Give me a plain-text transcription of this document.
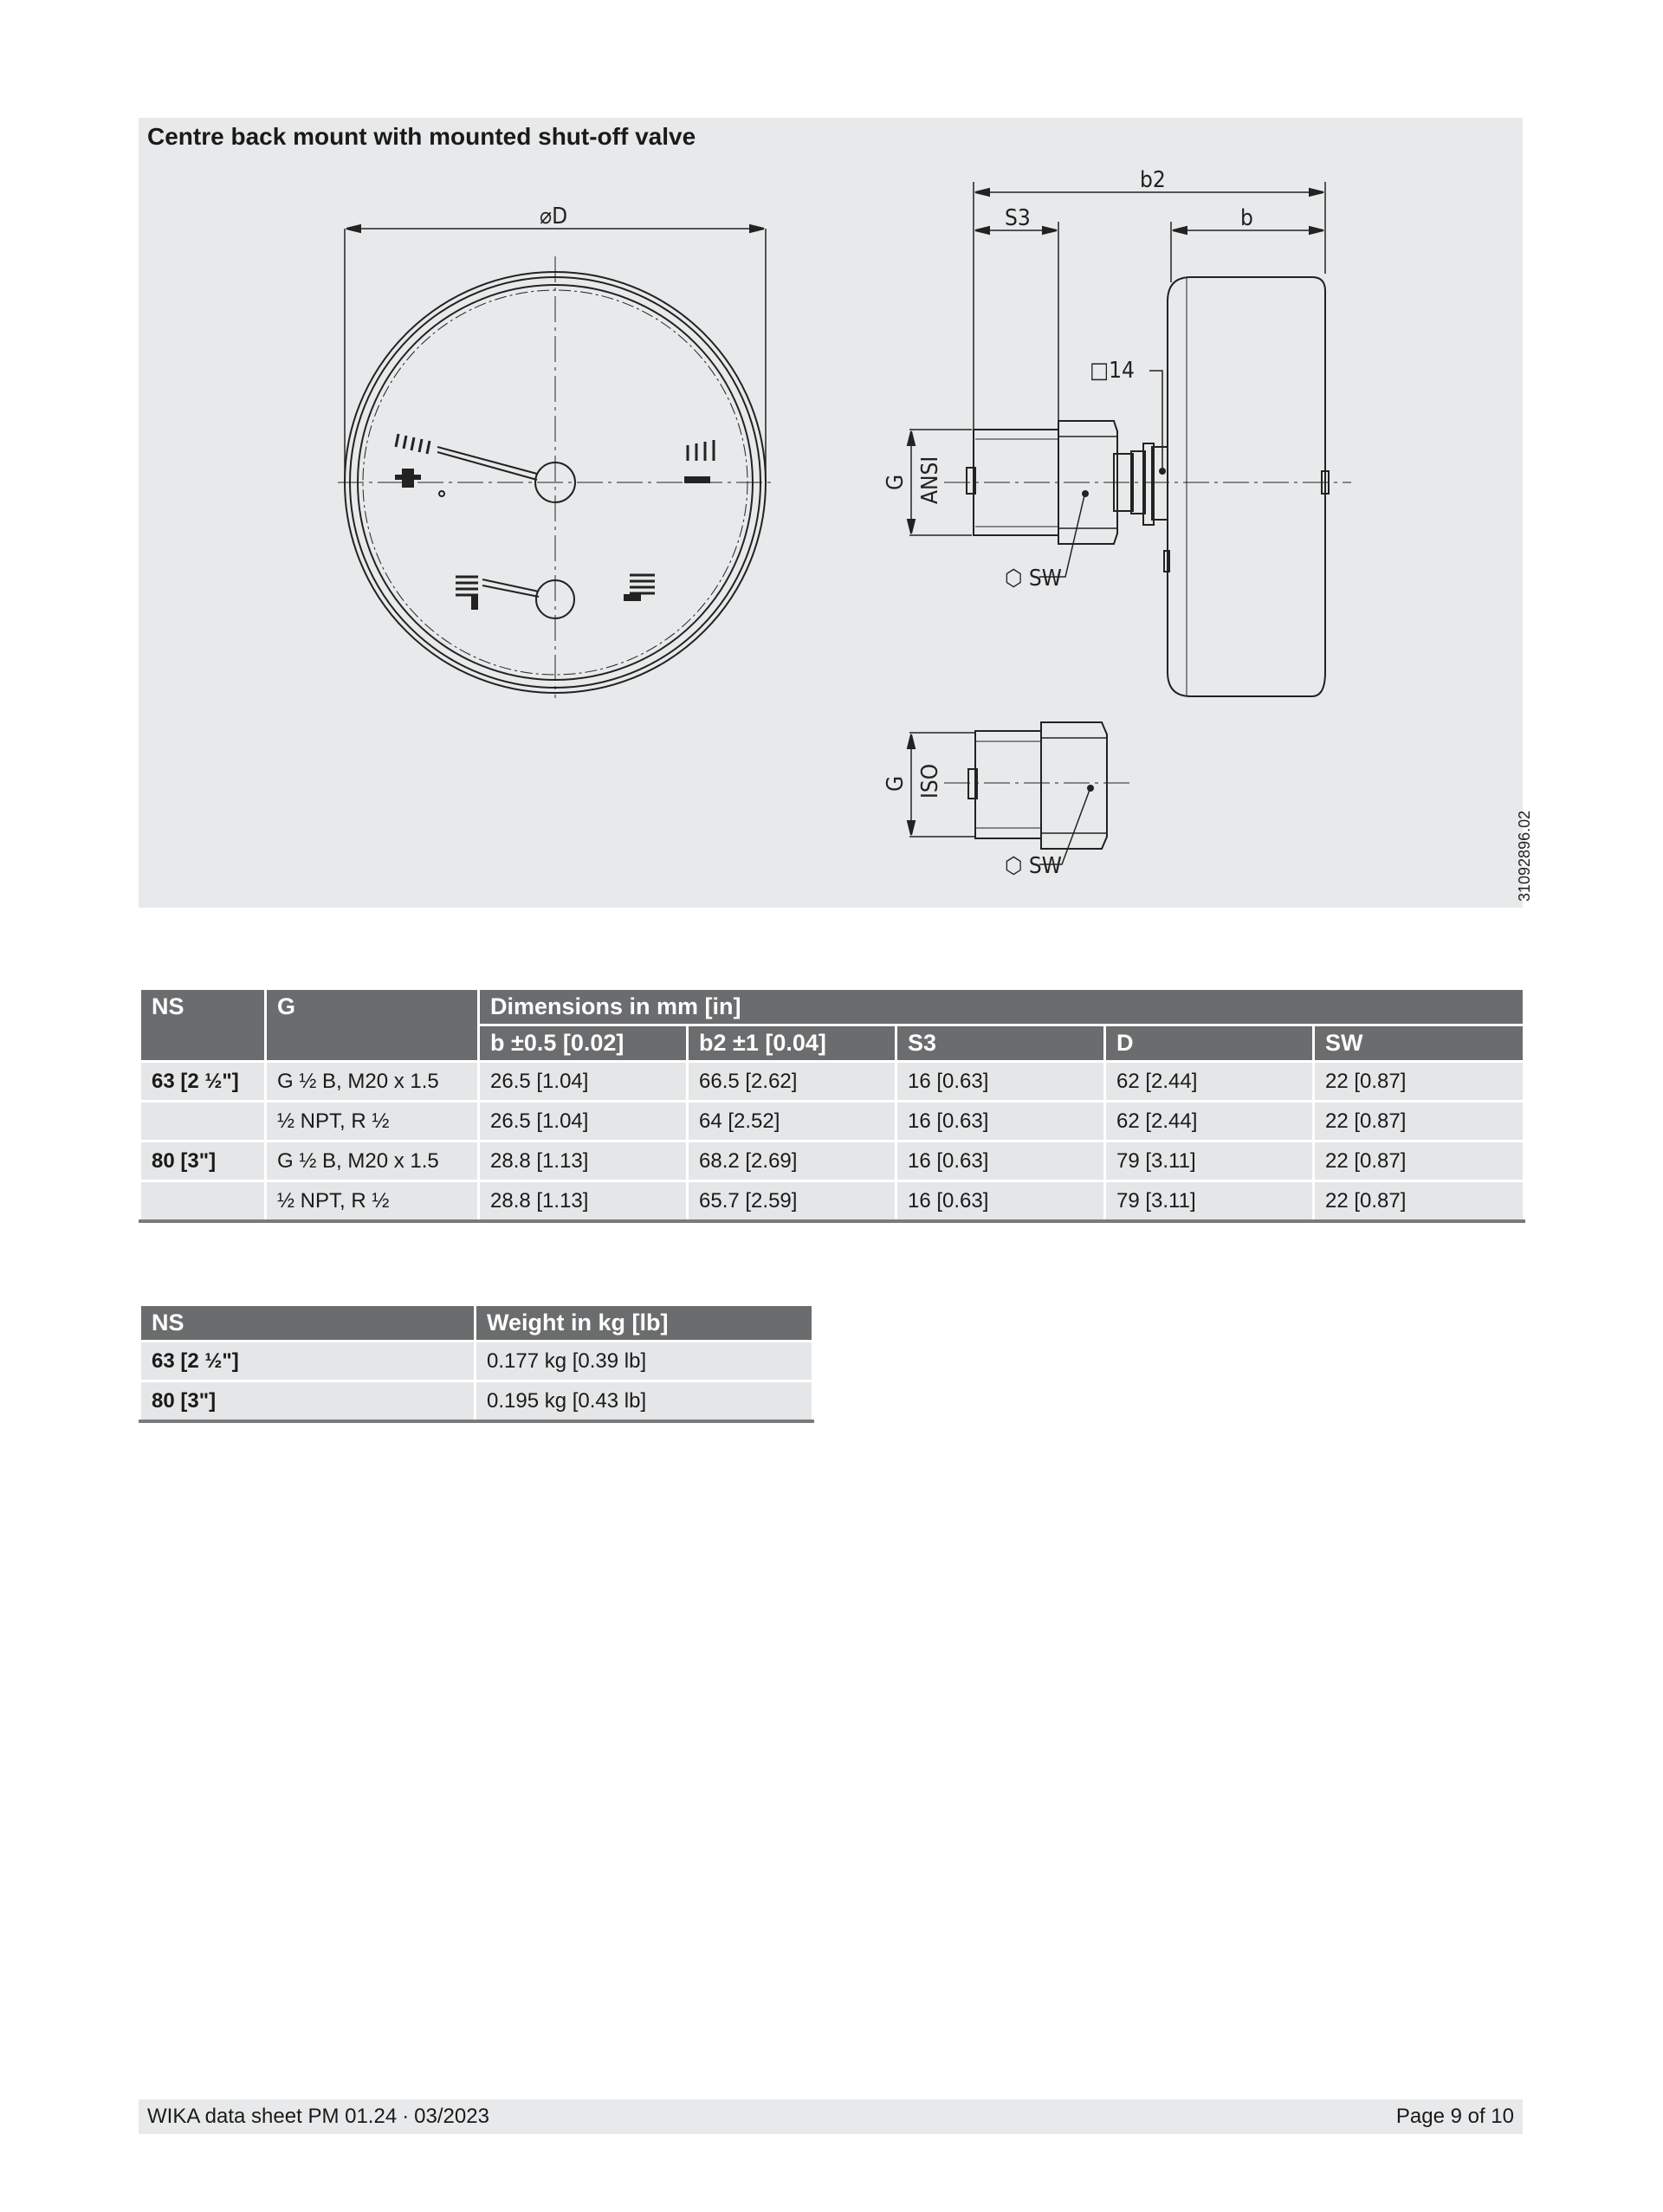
Centre back mount with mounted shut-off valve
⌀D
b2
S3	b
□14
⬡ SW
⬡ SW
G ANSI
G ISO
31092896.02
NS	G	Dimensions in mm [in]				
		b ±0.5 [0.02]	b2 ±1 [0.04]	S3	D	SW
63 [2 ½"]	G ½ B, M20 x 1.5	26.5 [1.04]	66.5 [2.62]	16 [0.63]	62 [2.44]	22 [0.87]
	½ NPT, R ½	26.5 [1.04]	64 [2.52]	16 [0.63]	62 [2.44]	22 [0.87]
80 [3"]	G ½ B, M20 x 1.5	28.8 [1.13]	68.2 [2.69]	16 [0.63]	79 [3.11]	22 [0.87]
	½ NPT, R ½	28.8 [1.13]	65.7 [2.59]	16 [0.63]	79 [3.11]	22 [0.87]
NS	Weight in kg [lb]
63 [2 ½"]	0.177 kg [0.39 lb]
80 [3"]	0.195 kg [0.43 lb]
WIKA data sheet PM 01.24 ∙ 03/2023	Page 9 of 10
